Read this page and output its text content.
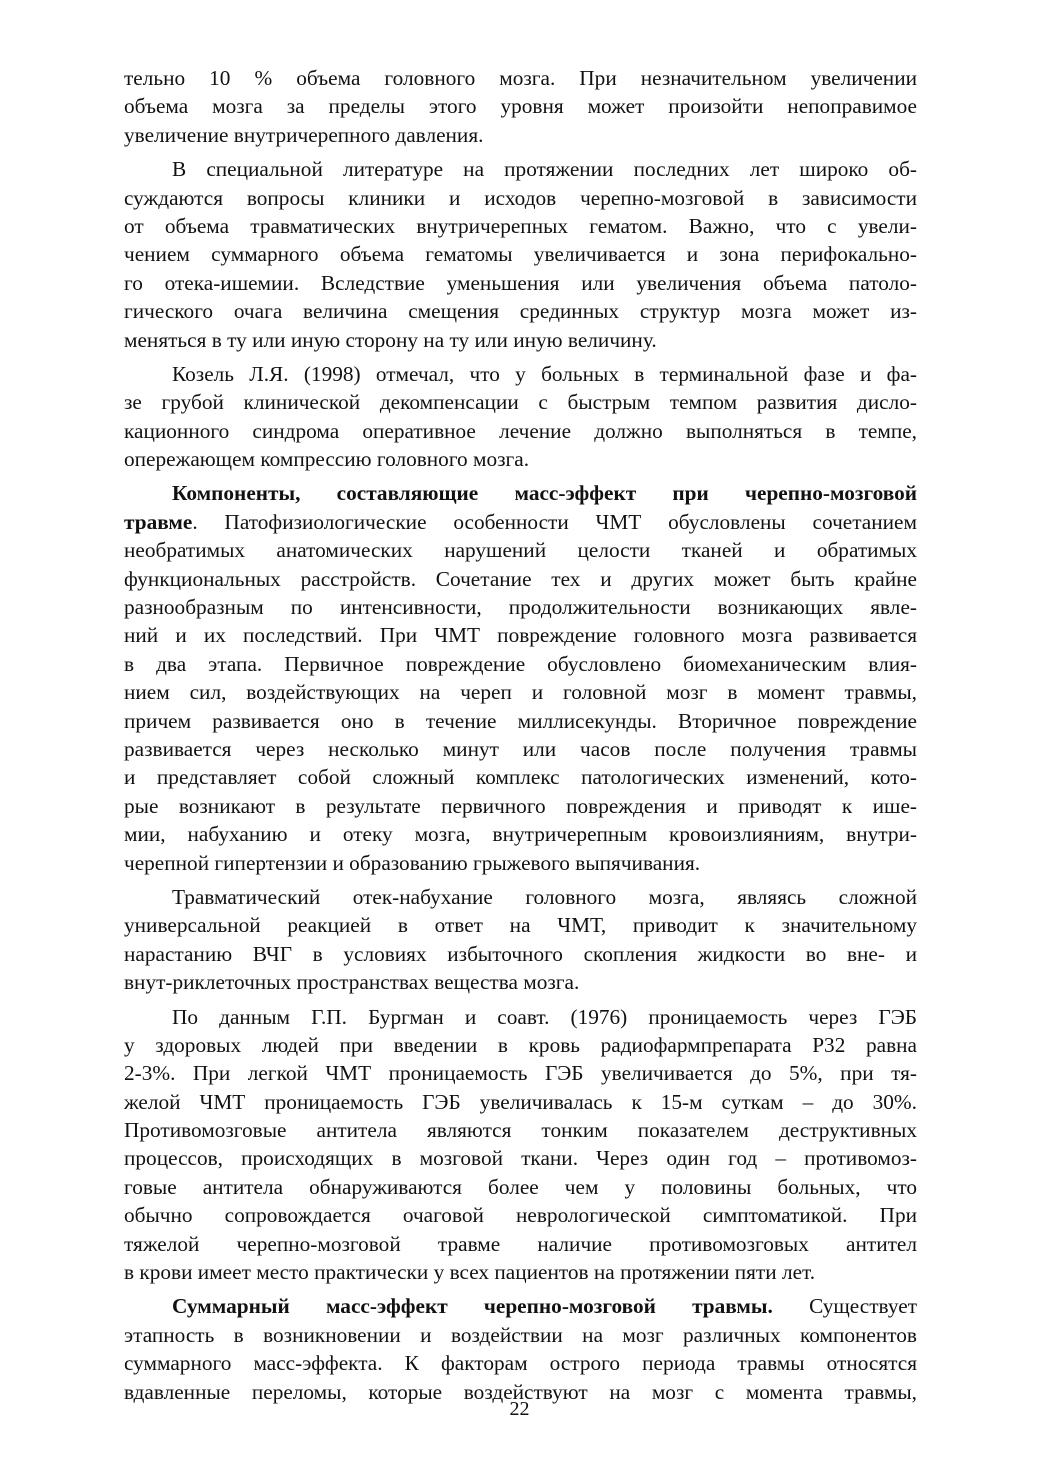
тельно 10 % объема головного мозга. При незначительном увеличении
объема мозга за пределы этого уровня может произойти непоправимое
увеличение внутричерепного давления.
В специальной литературе на протяжении последних лет широко об-
суждаются вопросы клиники и исходов черепно-мозговой в зависимости
от объема травматических внутричерепных гематом. Важно, что с увели-
чением суммарного объема гематомы увеличивается и зона перифокально-
го отека-ишемии. Вследствие уменьшения или увеличения объема патоло-
гического очага величина смещения срединных структур мозга может из-
меняться в ту или иную сторону на ту или иную величину.
Козель Л.Я. (1998) отмечал, что у больных в терминальной фазе и фа-
зе грубой клинической декомпенсации с быстрым темпом развития дисло-
кационного синдрома оперативное лечение должно выполняться в темпе,
опережающем компрессию головного мозга.
Компоненты, составляющие масс-эффект при черепно-мозговой
травме. Патофизиологические особенности ЧМТ обусловлены сочетанием
необратимых анатомических нарушений целости тканей и обратимых
функциональных расстройств. Сочетание тех и других может быть крайне
разнообразным по интенсивности, продолжительности возникающих явле-
ний и их последствий. При ЧМТ повреждение головного мозга развивается
в два этапа. Первичное повреждение обусловлено биомеханическим влия-
нием сил, воздействующих на череп и головной мозг в момент травмы,
причем развивается оно в течение миллисекунды. Вторичное повреждение
развивается через несколько минут или часов после получения травмы
и представляет собой сложный комплекс патологических изменений, кото-
рые возникают в результате первичного повреждения и приводят к ише-
мии, набуханию и отеку мозга, внутричерепным кровоизлияниям, внутри-
черепной гипертензии и образованию грыжевого выпячивания.
Травматический отек-набухание головного мозга, являясь сложной
универсальной реакцией в ответ на ЧМТ, приводит к значительному
нарастанию ВЧГ в условиях избыточного скопления жидкости во вне- и
внут-риклеточных пространствах вещества мозга.
По данным Г.П. Бургман и соавт. (1976) проницаемость через ГЭБ
у здоровых людей при введении в кровь радиофармпрепарата Р32 равна
2-3%. При легкой ЧМТ проницаемость ГЭБ увеличивается до 5%, при тя-
желой ЧМТ проницаемость ГЭБ увеличивалась к 15-м суткам – до 30%.
Противомозговые антитела являются тонким показателем деструктивных
процессов, происходящих в мозговой ткани. Через один год – противомоз-
говые антитела обнаруживаются более чем у половины больных, что
обычно сопровождается очаговой неврологической симптоматикой. При
тяжелой черепно-мозговой травме наличие противомозговых антител
в крови имеет место практически у всех пациентов на протяжении пяти лет.
Суммарный масс-эффект черепно-мозговой травмы. Существует
этапность в возникновении и воздействии на мозг различных компонентов
суммарного масс-эффекта. К факторам острого периода травмы относятся
вдавленные переломы, которые воздействуют на мозг с момента травмы,
22
